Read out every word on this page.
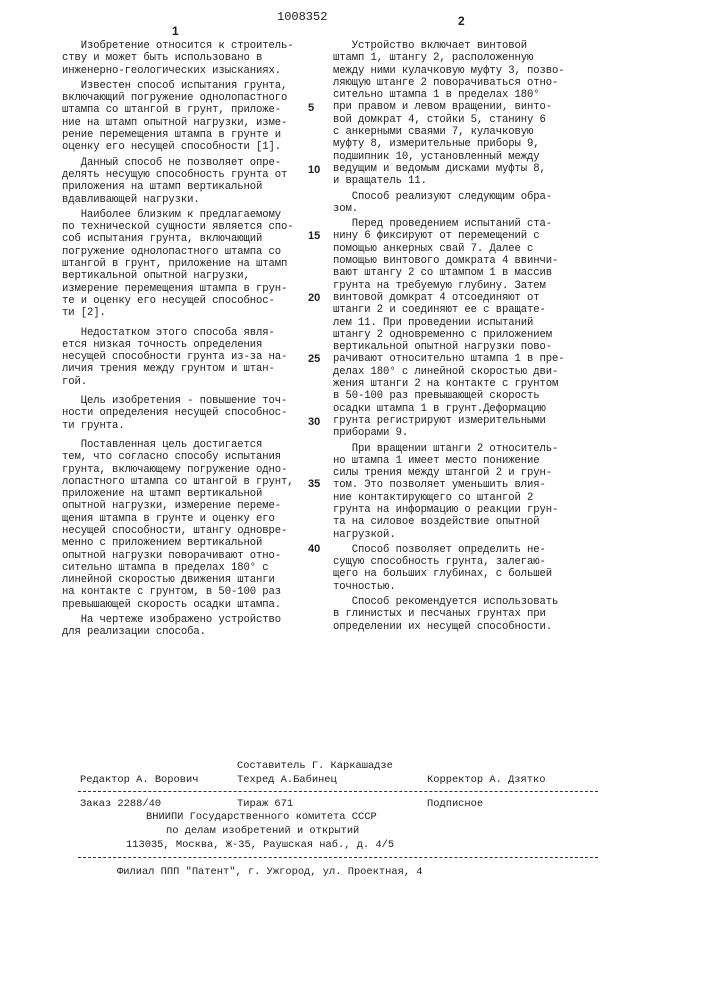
1
1008352	2
Изобретение относится к строитель-
ству и может быть использовано в
инженерно-геологических изысканиях.
Известен способ испытания грунта,
включающий погружение однолопастного
штампа со штангой в грунт, приложе-
ние на штамп опытной нагрузки, изме-
рение перемещения штампа в грунте и
оценку его несущей способности [1].
Данный способ не позволяет опре-
делять несущую способность грунта от
приложения на штамп вертикальной
вдавливающей нагрузки.
Наиболее близким к предлагаемому
по технической сущности является спо-
соб испытания грунта, включающий
погружение однолопастного штампа со
штангой в грунт, приложение на штамп
вертикальной опытной нагрузки,
измерение перемещения штампа в грун-
те и оценку его несущей способнос-
ти [2].
Недостатком этого способа явля-
ется низкая точность определения
несущей способности грунта из-за на-
личия трения между грунтом и штан-
гой.
Цель изобретения - повышение точ-
ности определения несущей способнос-
ти грунта.
Поставленная цель достигается
тем, что согласно способу испытания
грунта, включающему погружение одно-
лопастного штампа со штангой в грунт,
приложение на штамп вертикальной
опытной нагрузки, измерение переме-
щения штампа в грунте и оценку его
несущей способности, штангу одновре-
менно с приложением вертикальной
опытной нагрузки поворачивают отно-
сительно штампа в пределах 180° с
линейной скоростью движения штанги
на контакте с грунтом, в 50-100 раз
превышающей скорость осадки штампа.
На чертеже изображено устройство
для реализации способа.
5
10
15
20
25
30
35
40
Устройство включает винтовой
штамп 1, штангу 2, расположенную
между ними кулачковую муфту 3, позво-
ляющую штанге 2 поворачиваться отно-
сительно штампа 1 в пределах 180°
при правом и левом вращении, винто-
вой домкрат 4, стойки 5, станину 6
с анкерными сваями 7, кулачковую
муфту 8, измерительные приборы 9,
подшипник 10, установленный между
ведущим и ведомым дисками муфты 8,
и вращатель 11.
Способ реализуют следующим обра-
зом.
Перед проведением испытаний ста-
нину 6 фиксируют от перемещений с
помощью анкерных свай 7. Далее с
помощью винтового домкрата 4 ввинчи-
вают штангу 2 со штампом 1 в массив
грунта на требуемую глубину. Затем
винтовой домкрат 4 отсоединяют от
штанги 2 и соединяют ее с вращате-
лем 11. При проведении испытаний
штангу 2 одновременно с приложением
вертикальной опытной нагрузки пово-
рачивают относительно штампа 1 в пре-
делах 180° с линейной скоростью дви-
жения штанги 2 на контакте с грунтом
в 50-100 раз превышающей скорость
осадки штампа 1 в грунт.Деформацию
грунта регистрируют измерительными
приборами 9.
При вращении штанги 2 относитель-
но штампа 1 имеет место понижение
силы трения между штангой 2 и грун-
том. Это позволяет уменьшить влия-
ние контактирующего со штангой 2
грунта на информацию о реакции грун-
та на силовое воздействие опытной
нагрузкой.
Способ позволяет определить не-
сущую способность грунта, залегаю-
щего на больших глубинах, с большей
точностью.
Способ рекомендуется использовать
в глинистых и песчаных грунтах при
определении их несущей способности.
Составитель Г. Каркашадзе
Редактор А. Ворович	Техред А.Бабинец	Корректор А. Дзятко
Заказ 2288/40	Тираж 671	Подписное
ВНИИПИ Государственного комитета СССР
по делам изобретений и открытий
113035, Москва, Ж-35, Раушская наб., д. 4/5
Филиал ППП "Патент", г. Ужгород, ул. Проектная, 4
